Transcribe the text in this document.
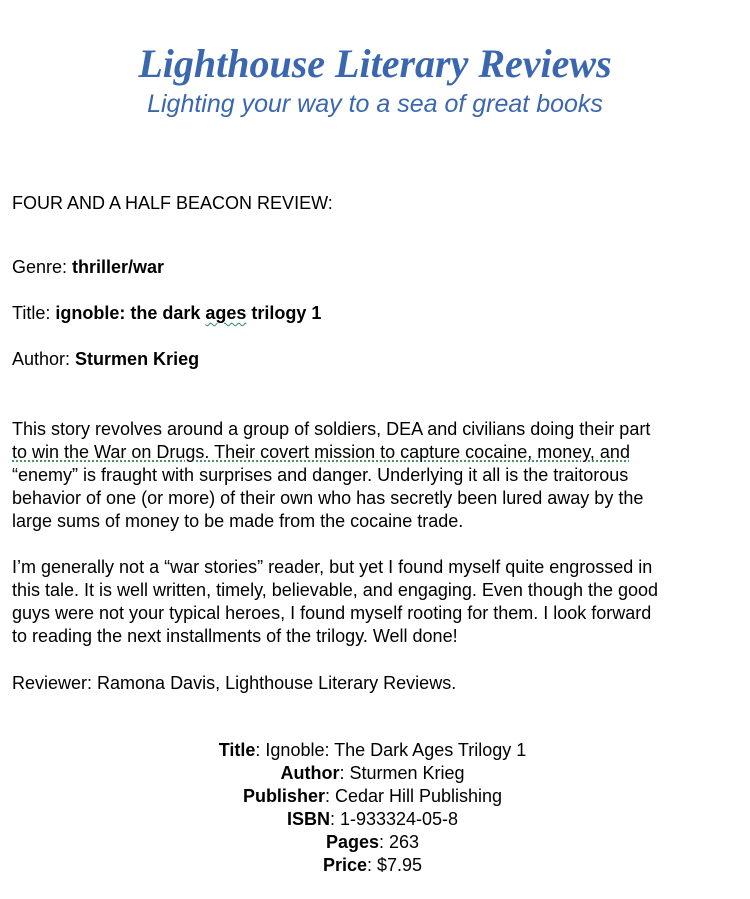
Lighthouse Literary Reviews
Lighting your way to a sea of great books
FOUR AND A HALF BEACON REVIEW:
Genre: thriller/war
Title: ignoble: the dark ages trilogy 1
Author: Sturmen Krieg
This story revolves around a group of soldiers, DEA and civilians doing their part
to win the War on Drugs. Their covert mission to capture cocaine, money, and
“enemy” is fraught with surprises and danger. Underlying it all is the traitorous
behavior of one (or more) of their own who has secretly been lured away by the
large sums of money to be made from the cocaine trade.
I’m generally not a “war stories” reader, but yet I found myself quite engrossed in
this tale. It is well written, timely, believable, and engaging. Even though the good
guys were not your typical heroes, I found myself rooting for them. I look forward
to reading the next installments of the trilogy. Well done!
Reviewer: Ramona Davis, Lighthouse Literary Reviews.
Title: Ignoble: The Dark Ages Trilogy 1
Author: Sturmen Krieg
Publisher: Cedar Hill Publishing
ISBN: 1-933324-05-8
Pages: 263
Price: $7.95
